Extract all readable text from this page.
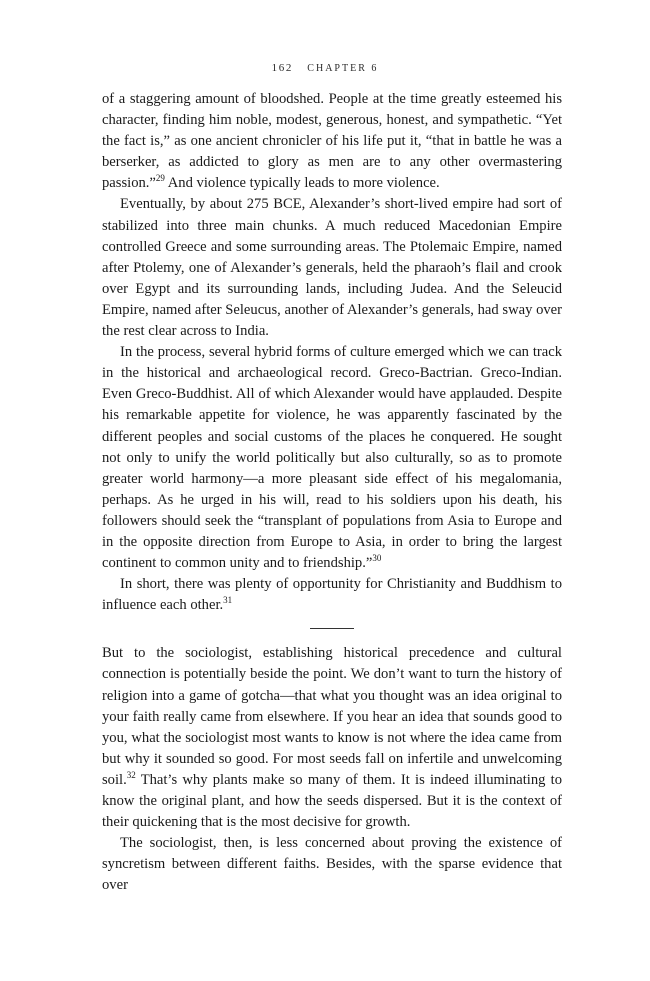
162 CHAPTER 6

of a staggering amount of bloodshed. People at the time greatly esteemed his character, finding him noble, modest, generous, honest, and sympathetic. “Yet the fact is,” as one ancient chronicler of his life put it, “that in battle he was a berserker, as addicted to glory as men are to any other overmastering passion.”$^{29}$ And violence typically leads to more violence.

Eventually, by about 275 BCE, Alexander’s short-lived empire had sort of stabilized into three main chunks. A much reduced Macedonian Empire controlled Greece and some surrounding areas. The Ptolemaic Empire, named after Ptolemy, one of Alexander’s generals, held the pharaoh’s flail and crook over Egypt and its surrounding lands, including Judea. And the Seleucid Empire, named after Seleucus, another of Alexander’s generals, had sway over the rest clear across to India.

In the process, several hybrid forms of culture emerged which we can track in the historical and archaeological record. Greco-Bactrian. Greco-Indian. Even Greco-Buddhist. All of which Alexander would have applauded. Despite his remarkable appetite for violence, he was apparently fascinated by the different peoples and social customs of the places he conquered. He sought not only to unify the world politically but also culturally, so as to promote greater world harmony—a more pleasant side effect of his megalomania, perhaps. As he urged in his will, read to his soldiers upon his death, his followers should seek the “transplant of populations from Asia to Europe and in the opposite direction from Europe to Asia, in order to bring the largest continent to common unity and to friendship.”$^{30}$

In short, there was plenty of opportunity for Christianity and Buddhism to influence each other.$^{31}$

But to the sociologist, establishing historical precedence and cultural connection is potentially beside the point. We don’t want to turn the history of religion into a game of gotcha—that what you thought was an idea original to your faith really came from elsewhere. If you hear an idea that sounds good to you, what the sociologist most wants to know is not where the idea came from but why it sounded so good. For most seeds fall on infertile and unwelcoming soil.$^{32}$ That’s why plants make so many of them. It is indeed illuminating to know the original plant, and how the seeds dispersed. But it is the context of their quickening that is the most decisive for growth.

The sociologist, then, is less concerned about proving the existence of syncretism between different faiths. Besides, with the sparse evidence that over
